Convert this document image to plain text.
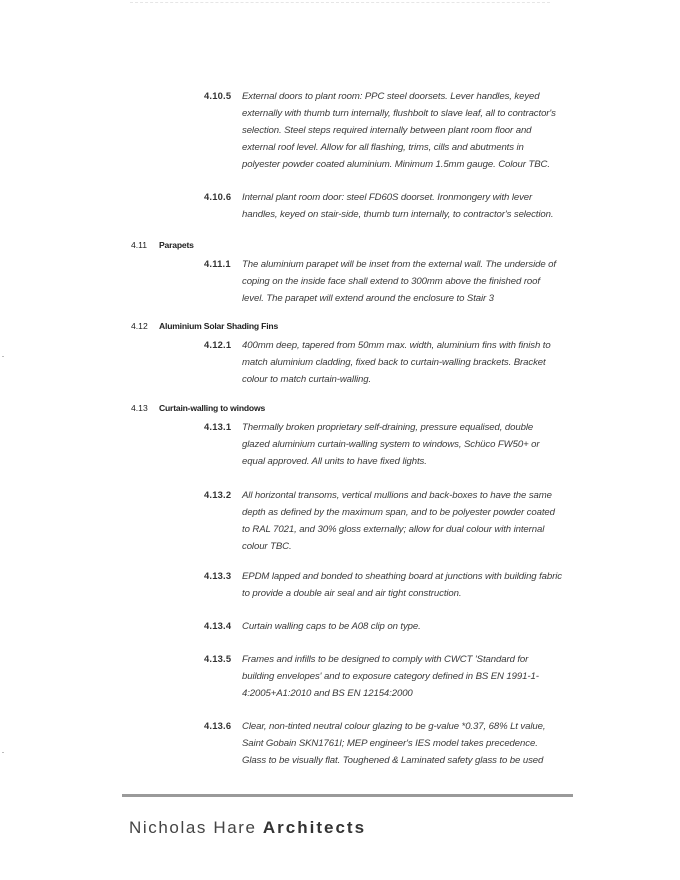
4.10.5 External doors to plant room: PPC steel doorsets. Lever handles, keyed externally with thumb turn internally, flushbolt to slave leaf, all to contractor's selection. Steel steps required internally between plant room floor and external roof level. Allow for all flashing, trims, cills and abutments in polyester powder coated aluminium. Minimum 1.5mm gauge. Colour TBC.
4.10.6 Internal plant room door: steel FD60S doorset. Ironmongery with lever handles, keyed on stair-side, thumb turn internally, to contractor's selection.
4.11 Parapets
4.11.1 The aluminium parapet will be inset from the external wall. The underside of coping on the inside face shall extend to 300mm above the finished roof level. The parapet will extend around the enclosure to Stair 3
4.12 Aluminium Solar Shading Fins
4.12.1 400mm deep, tapered from 50mm max. width, aluminium fins with finish to match aluminium cladding, fixed back to curtain-walling brackets. Bracket colour to match curtain-walling.
4.13 Curtain-walling to windows
4.13.1 Thermally broken proprietary self-draining, pressure equalised, double glazed aluminium curtain-walling system to windows, Schüco FW50+ or equal approved. All units to have fixed lights.
4.13.2 All horizontal transoms, vertical mullions and back-boxes to have the same depth as defined by the maximum span, and to be polyester powder coated to RAL 7021, and 30% gloss externally; allow for dual colour with internal colour TBC.
4.13.3 EPDM lapped and bonded to sheathing board at junctions with building fabric to provide a double air seal and air tight construction.
4.13.4 Curtain walling caps to be A08 clip on type.
4.13.5 Frames and infills to be designed to comply with CWCT 'Standard for building envelopes' and to exposure category defined in BS EN 1991-1-4:2005+A1:2010 and BS EN 12154:2000
4.13.6 Clear, non-tinted neutral colour glazing to be g-value *0.37, 68% Lt value, Saint Gobain SKN1761I; MEP engineer's IES model takes precedence. Glass to be visually flat. Toughened & Laminated safety glass to be used
Nicholas Hare Architects
